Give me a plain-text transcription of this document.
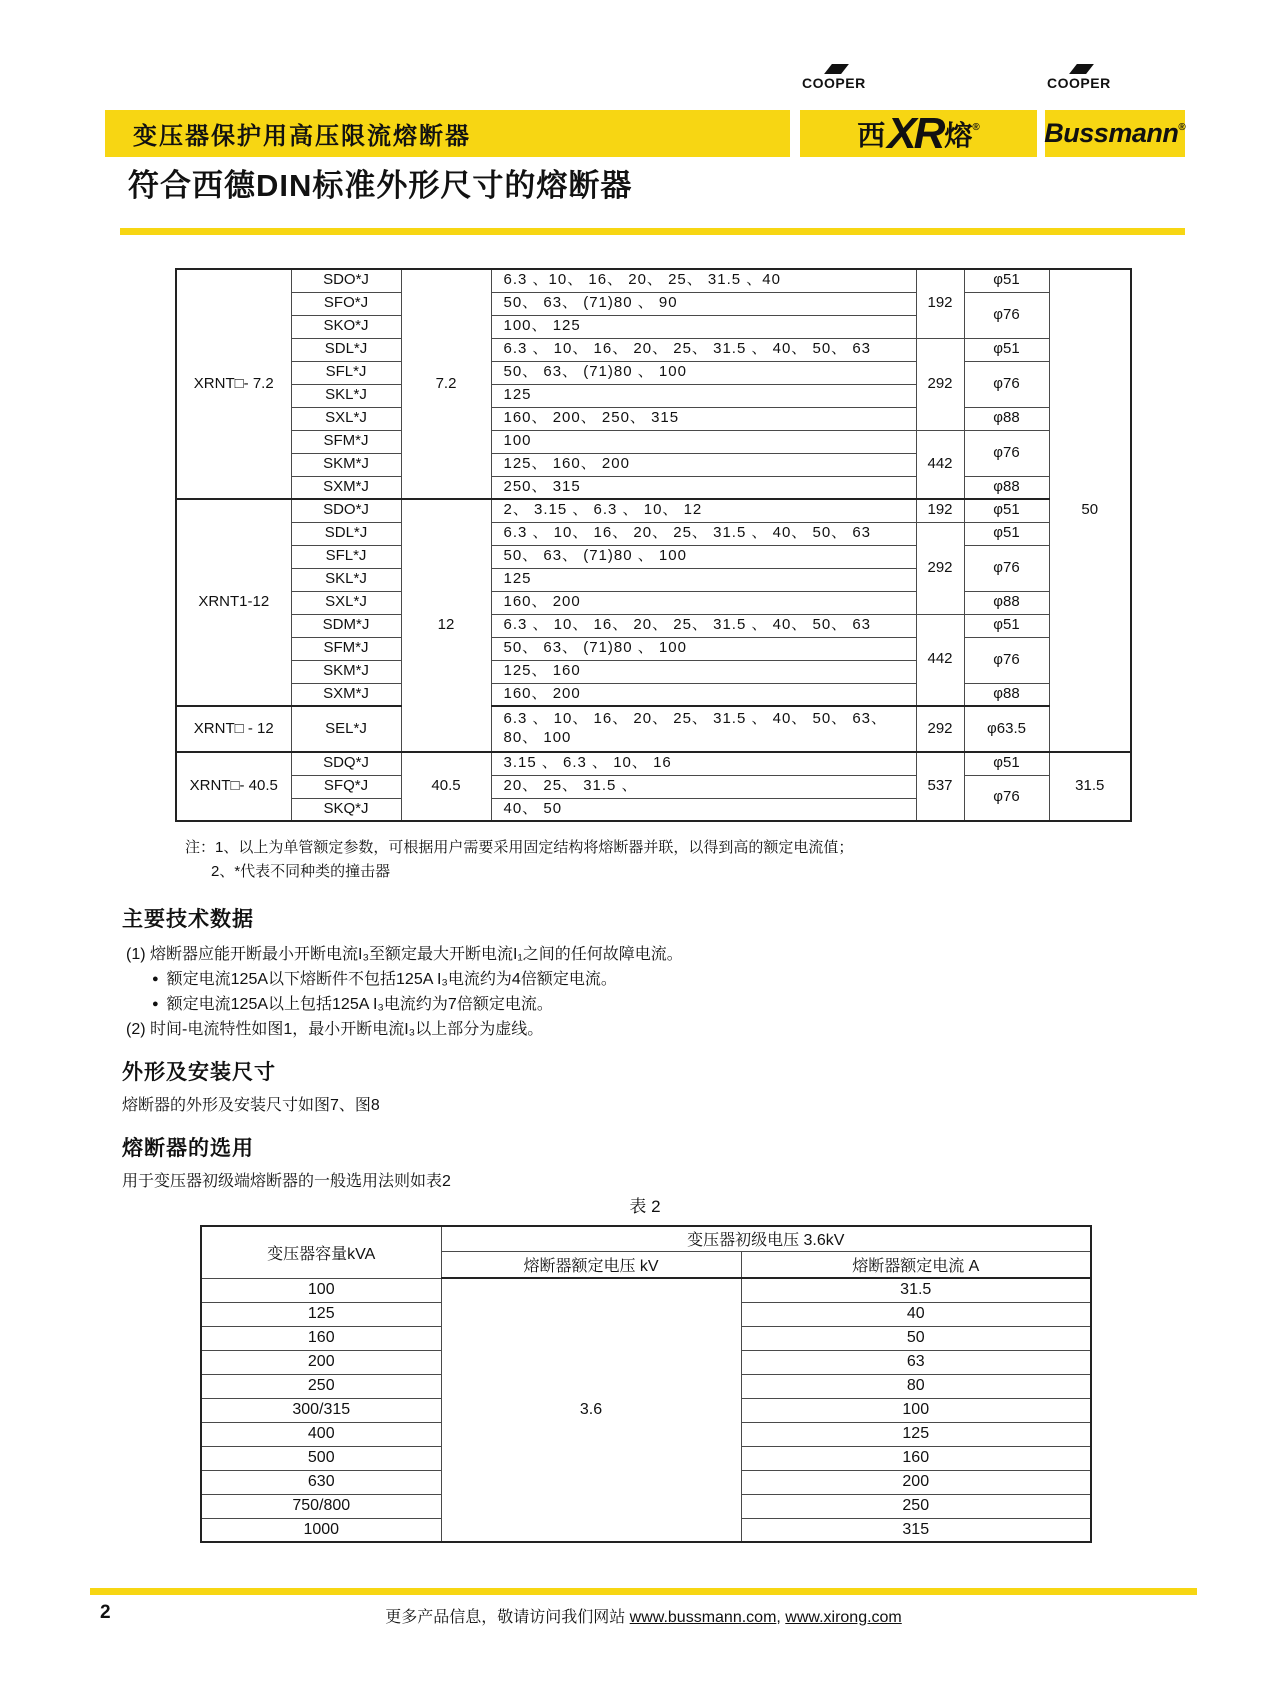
变压器保护用高压限流熔断器
COOPER
西 XR 熔 ®
COOPER
Bussmann ®
符合西德DIN标准外形尺寸的熔断器
XRNT□- 7.2	SDO*J	7.2	6.3 、10、 16、 20、 25、 31.5 、40	192	φ51	50
	SFO*J		50、 63、 (71)80 、 90		φ76	
	SKO*J		100、 125			
	SDL*J		6.3 、 10、 16、 20、 25、 31.5 、 40、 50、 63	292	φ51	
	SFL*J		50、 63、 (71)80 、 100		φ76	
	SKL*J		125			
	SXL*J		160、 200、 250、 315		φ88	
	SFM*J		100	442	φ76	
	SKM*J		125、 160、 200			
	SXM*J		250、 315		φ88	
XRNT1-12	SDO*J	12	2、 3.15 、 6.3 、 10、 12	192	φ51	
	SDL*J		6.3 、 10、 16、 20、 25、 31.5 、 40、 50、 63	292	φ51	
	SFL*J		50、 63、 (71)80 、 100		φ76	
	SKL*J		125			
	SXL*J		160、 200		φ88	
	SDM*J		6.3 、 10、 16、 20、 25、 31.5 、 40、 50、 63	442	φ51	
	SFM*J		50、 63、 (71)80 、 100		φ76	
	SKM*J		125、 160			
	SXM*J		160、 200		φ88	
XRNT□ - 12	SEL*J		6.3 、 10、 16、 20、 25、 31.5 、 40、 50、 63、
80、 100	292	φ63.5	
XRNT□- 40.5	SDQ*J	40.5	3.15 、 6.3 、 10、 16	537	φ51	31.5
	SFQ*J		20、 25、 31.5 、		φ76	
	SKQ*J		40、 50			
注：1、以上为单管额定参数，可根据用户需要采用固定结构将熔断器并联，以得到高的额定电流值；
2、*代表不同种类的撞击器
主要技术数据
(1) 熔断器应能开断最小开断电流I₃至额定最大开断电流I₁之间的任何故障电流。
● 额定电流125A以下熔断件不包括125A I₃电流约为4倍额定电流。
● 额定电流125A以上包括125A I₃电流约为7倍额定电流。
(2) 时间-电流特性如图1，最小开断电流I₃以上部分为虚线。
外形及安装尺寸
熔断器的外形及安装尺寸如图7、图8
熔断器的选用
用于变压器初级端熔断器的一般选用法则如表2
表 2
变压器容量kVA	变压器初级电压 3.6kV	
	熔断器额定电压 kV	熔断器额定电流 A
100	3.6	31.5
125		40
160		50
200		63
250		80
300/315		100
400		125
500		160
630		200
750/800		250
1000		315
2	更多产品信息，敬请访问我们网站 www.bussmann.com, www.xirong.com
